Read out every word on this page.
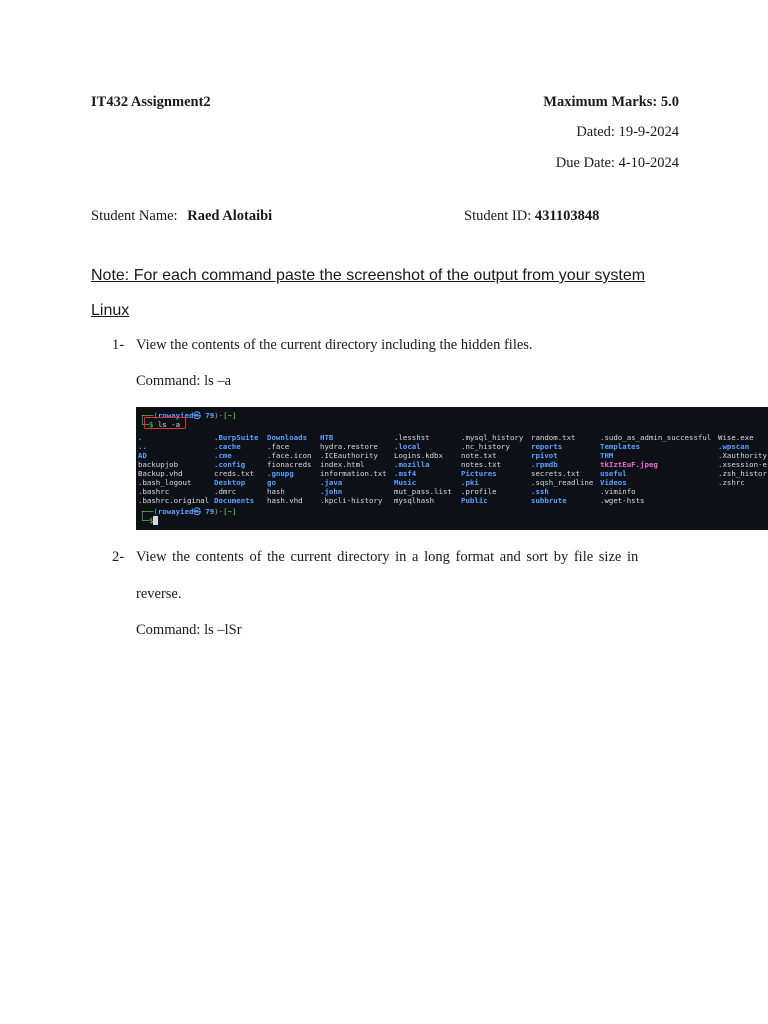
IT432 Assignment2	Maximum Marks: 5.0
Dated: 19-9-2024
Due Date: 4-10-2024
Student Name: Raed Alotaibi	Student ID: 431103848
Note: For each command paste the screenshot of the output from your system
Linux
1- View the contents of the current directory including the hidden files.
Command: ls –a
┌──(rowayied㉿ 79)-[~]
└─$ ls -a
.
..
AD
backupjob
Backup.vhd
.bash_logout
.bashrc
.bashrc.original
.BurpSuite
.cache
.cme
.config
creds.txt
Desktop
.dmrc
Documents
Downloads
.face
.face.icon
fionacreds
.gnupg
go
hash
hash.vhd
HTB
hydra.restore
.ICEauthority
index.html
information.txt
.java
.john
.kpcli-history
.lesshst
.local
Logins.kdbx
.mozilla
.msf4
Music
mut_pass.list
mysqlhash
.mysql_history
.nc_history
note.txt
notes.txt
Pictures
.pki
.profile
Public
random.txt
reports
rpivot
.rpmdb
secrets.txt
.sqsh_readline
.ssh
subbrute
.sudo_as_admin_successful
Templates
THM
tkIztEuF.jpeg
useful
Videos
.viminfo
.wget-hsts
Wise.exe
.wpscan
.Xauthority
.xsession-e
.zsh_histor
.zshrc
┌──(rowayied㉿ 79)-[~]
└─$
2- View the contents of the current directory in a long format and sort by file size in
reverse.
Command: ls –lSr
